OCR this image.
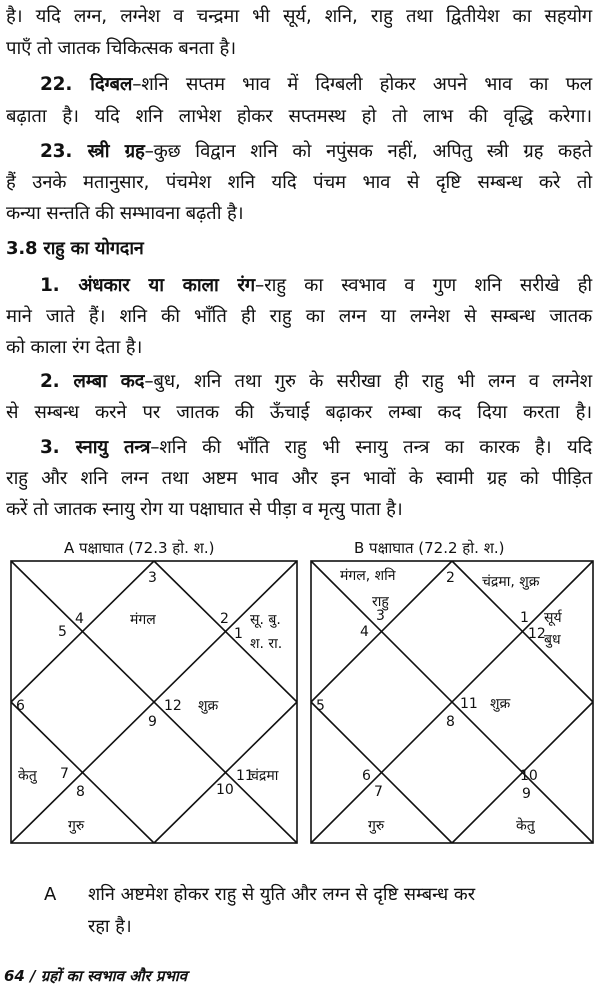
है। यदि लग्न, लग्नेश व चन्द्रमा भी सूर्य, शनि, राहु तथा द्वितीयेश का सहयोग
पाएँ तो जातक चिकित्सक बनता है।
22. दिग्बल–शनि सप्तम भाव में दिग्बली होकर अपने भाव का फल
बढ़ाता है। यदि शनि लाभेश होकर सप्तमस्थ हो तो लाभ की वृद्धि करेगा।
23. स्त्री ग्रह–कुछ विद्वान शनि को नपुंसक नहीं, अपितु स्त्री ग्रह कहते
हैं उनके मतानुसार, पंचमेश शनि यदि पंचम भाव से दृष्टि सम्बन्ध करे तो
कन्या सन्तति की सम्भावना बढ़ती है।
3.8 राहु का योगदान
1. अंधकार या काला रंग–राहु का स्वभाव व गुण शनि सरीखे ही
माने जाते हैं। शनि की भाँति ही राहु का लग्न या लग्नेश से सम्बन्ध जातक
को काला रंग देता है।
2. लम्बा कद–बुध, शनि तथा गुरु के सरीखा ही राहु भी लग्न व लग्नेश
से सम्बन्ध करने पर जातक की ऊँचाई बढ़ाकर लम्बा कद दिया करता है।
3. स्नायु तन्त्र–शनि की भाँति राहु भी स्नायु तन्त्र का कारक है। यदि
राहु और शनि लग्न तथा अष्टम भाव और इन भावों के स्वामी ग्रह को पीड़ित
करें तो जातक स्नायु रोग या पक्षाघात से पीड़ा व मृत्यु पाता है।
A पक्षाघात (72.3 हो. श.)	B पक्षाघात (72.2 हो. श.)
3
4
5
2
1
6	12
9
7
8
11
10
मंगल	सू. बु.
श. रा.
शुक्र
केतु	चंद्रमा
गुरु
2
3
4
1
12
5	11
8
6
7
10
9
मंगल, शनि
राहु
चंद्रमा, शुक्र
सूर्य
बुध
शुक्र
गुरु	केतु
A शनि अष्टमेश होकर राहु से युति और लग्न से दृष्टि सम्बन्ध कर
रहा है।
64 / ग्रहों का स्वभाव और प्रभाव
